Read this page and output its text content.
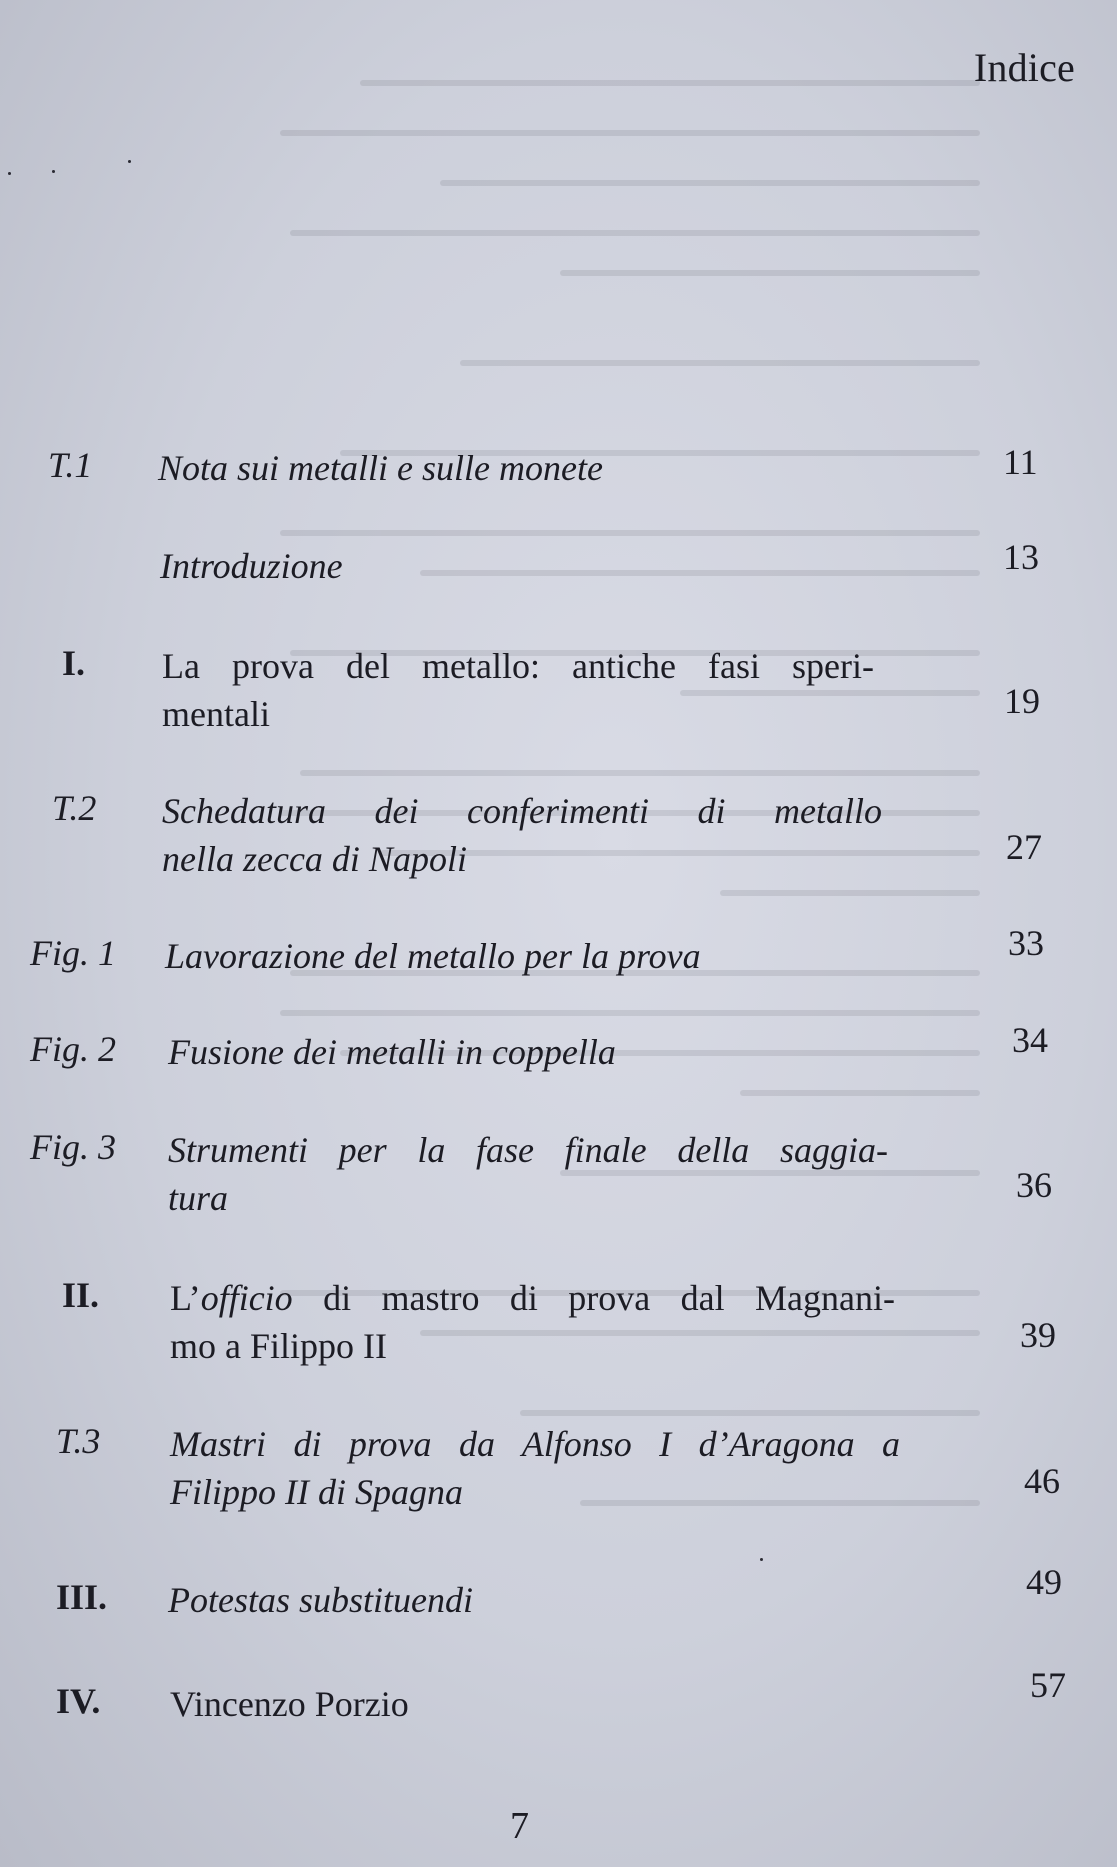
Indice
T.1 Nota sui metalli e sulle monete	11
Introduzione	13
I. La prova del metallo: antiche fasi speri-
mentali	19
T.2 Schedatura dei conferimenti di metallo
nella zecca di Napoli	27
Fig. 1 Lavorazione del metallo per la prova	33
Fig. 2 Fusione dei metalli in coppella	34
Fig. 3 Strumenti per la fase finale della saggia-
tura	36
II. L’officio di mastro di prova dal Magnani-
mo a Filippo II	39
T.3 Mastri di prova da Alfonso I d’Aragona a
Filippo II di Spagna	46
III. Potestas substituendi	49
IV. Vincenzo Porzio	57
7
